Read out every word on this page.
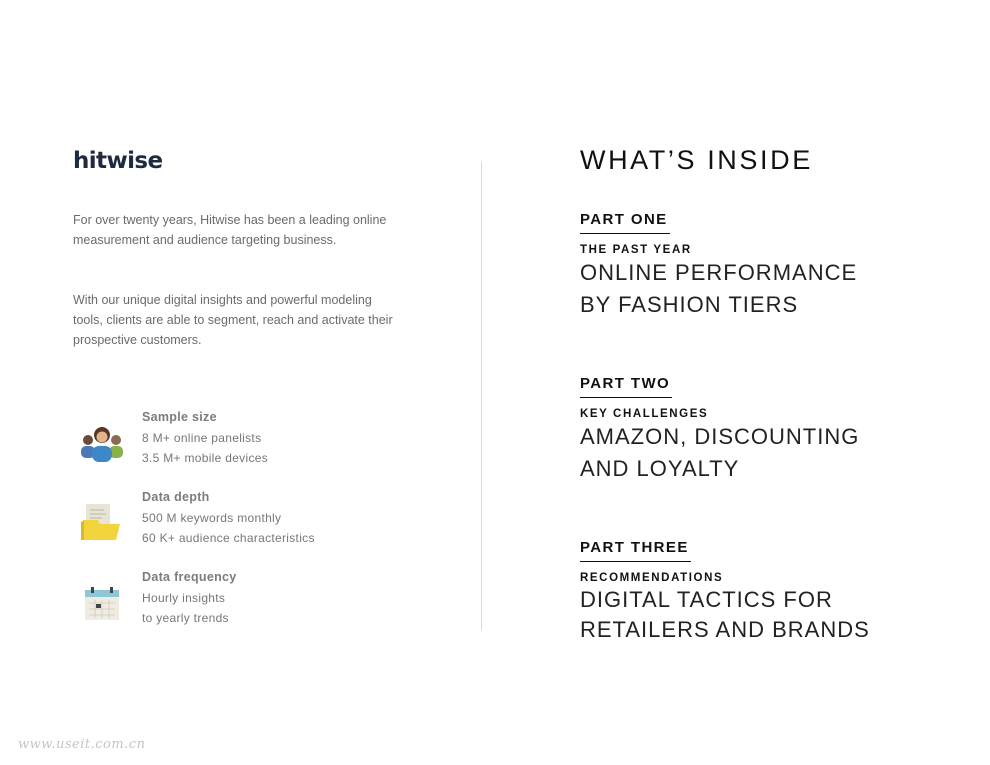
hitwise

For over twenty years, Hitwise has been a leading online measurement and audience targeting business.

With our unique digital insights and powerful modeling tools, clients are able to segment, reach and activate their prospective customers.

Sample size
8 M+ online panelists
3.5 M+ mobile devices
Data depth
500 M keywords monthly
60 K+ audience characteristics
Data frequency
Hourly insights
to yearly trends
WHAT’S INSIDE
PART ONE
THE PAST YEAR
ONLINE PERFORMANCE
BY FASHION TIERS
PART TWO
KEY CHALLENGES
AMAZON, DISCOUNTING
AND LOYALTY
PART THREE
RECOMMENDATIONS
DIGITAL TACTICS FOR
RETAILERS AND BRANDS
www.useit.com.cn
